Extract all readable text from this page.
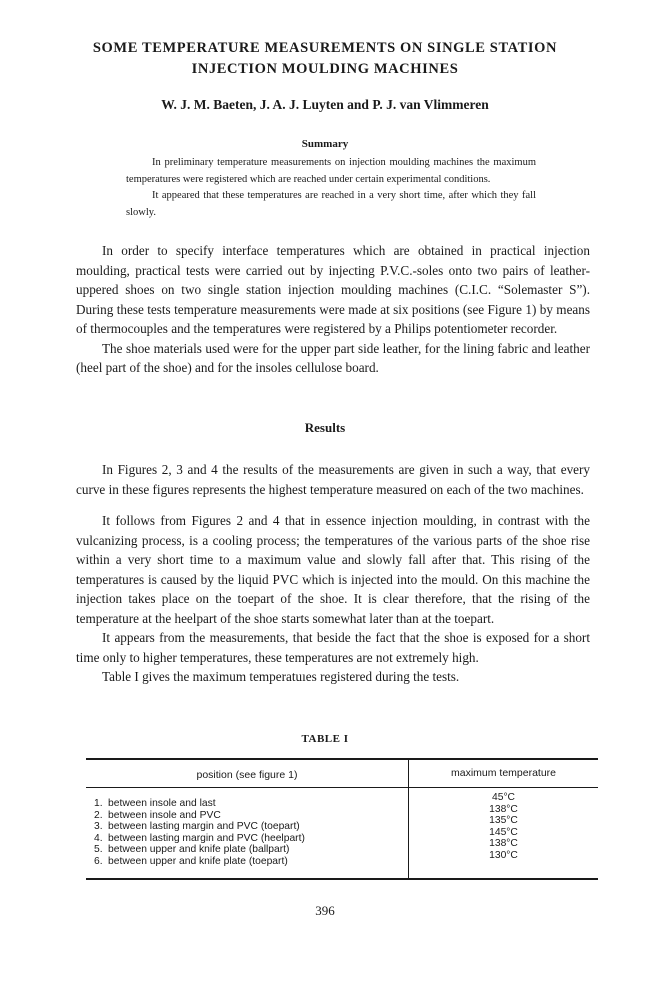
SOME TEMPERATURE MEASUREMENTS ON SINGLE STATION
INJECTION MOULDING MACHINES
W. J. M. Baeten, J. A. J. Luyten and P. J. van Vlimmeren
Summary

In preliminary temperature measurements on injection moulding machines the maximum temperatures were registered which are reached under certain experimental conditions.

It appeared that these temperatures are reached in a very short time, after which they fall slowly.

In order to specify interface temperatures which are obtained in practical injection moulding, practical tests were carried out by injecting P.V.C.-soles onto two pairs of leather-uppered shoes on two single station injection moulding machines (C.I.C. “Solemaster S”). During these tests temperature measurements were made at six positions (see Figure 1) by means of thermocouples and the temperatures were registered by a Philips potentiometer recorder.

The shoe materials used were for the upper part side leather, for the lining fabric and leather (heel part of the shoe) and for the insoles cellulose board.

Results

In Figures 2, 3 and 4 the results of the measurements are given in such a way, that every curve in these figures represents the highest temperature measured on each of the two machines.

It follows from Figures 2 and 4 that in essence injection moulding, in contrast with the vulcanizing process, is a cooling process; the temperatures of the various parts of the shoe rise within a very short time to a maximum value and slowly fall after that. This rising of the temperatures is caused by the liquid PVC which is injected into the mould. On this machine the injection takes place on the toepart of the shoe. It is clear therefore, that the rising of the temperature at the heelpart of the shoe starts somewhat later than at the toepart.

It appears from the measurements, that beside the fact that the shoe is exposed for a short time only to higher temperatures, these temperatures are not extremely high.

Table I gives the maximum temperatuıes registered during the tests.

TABLE I
position (see figure 1)	maximum temperature
1. between insole and last
2. between insole and PVC
3. between lasting margin and PVC (toepart)
4. between lasting margin and PVC (heelpart)
5. between upper and knife plate (ballpart)
6. between upper and knife plate (toepart)
45°C
138°C
135°C
145°C
138°C
130°C
396
